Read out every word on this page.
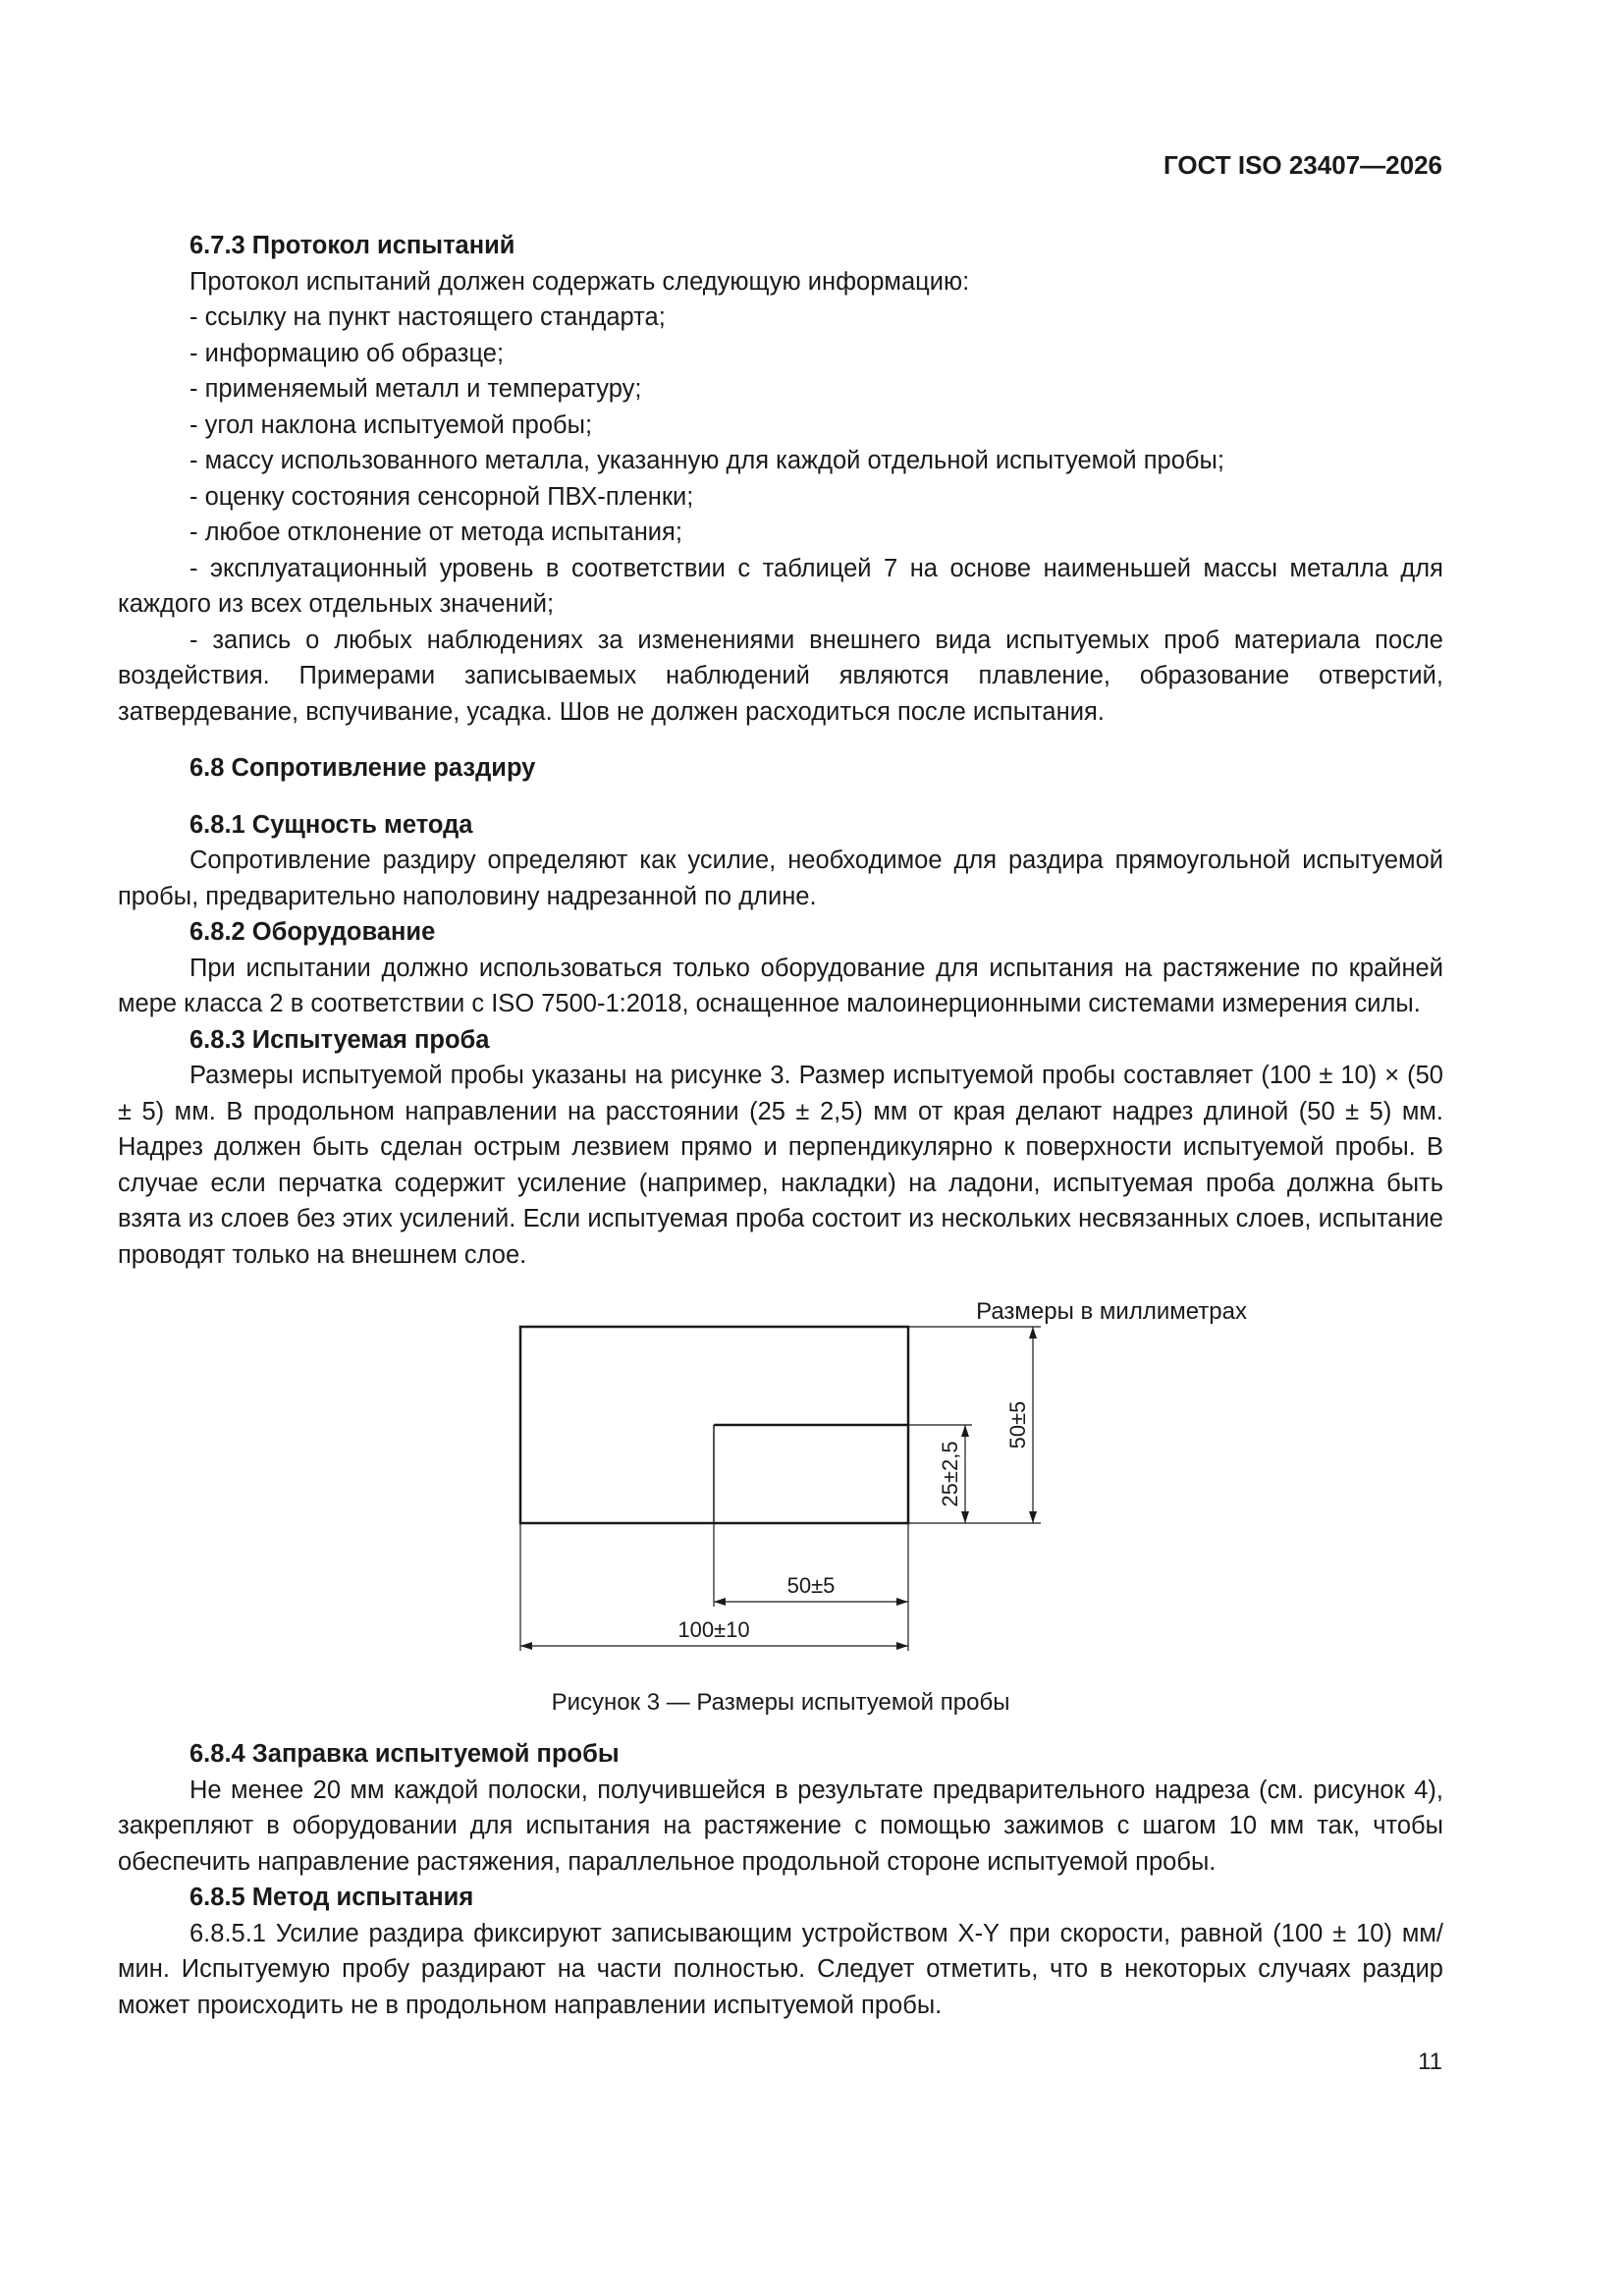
ГОСТ ISO 23407—2026

6.7.3 Протокол испытаний

Протокол испытаний должен содержать следующую информацию:

- ссылку на пункт настоящего стандарта;

- информацию об образце;

- применяемый металл и температуру;

- угол наклона испытуемой пробы;

- массу использованного металла, указанную для каждой отдельной испытуемой пробы;

- оценку состояния сенсорной ПВХ-пленки;

- любое отклонение от метода испытания;

- эксплуатационный уровень в соответствии с таблицей 7 на основе наименьшей массы металла для каждого из всех отдельных значений;

- запись о любых наблюдениях за изменениями внешнего вида испытуемых проб материала после воздействия. Примерами записываемых наблюдений являются плавление, образование отверстий, затвердевание, вспучивание, усадка. Шов не должен расходиться после испытания.

6.8 Сопротивление раздиру

6.8.1 Сущность метода

Сопротивление раздиру определяют как усилие, необходимое для раздира прямоугольной испытуемой пробы, предварительно наполовину надрезанной по длине.

6.8.2 Оборудование

При испытании должно использоваться только оборудование для испытания на растяжение по крайней мере класса 2 в соответствии с ISO 7500-1:2018, оснащенное малоинерционными системами измерения силы.

6.8.3 Испытуемая проба

Размеры испытуемой пробы указаны на рисунке 3. Размер испытуемой пробы составляет (100 ± 10) × (50 ± 5) мм. В продольном направлении на расстоянии (25 ± 2,5) мм от края делают надрез длиной (50 ± 5) мм. Надрез должен быть сделан острым лезвием прямо и перпендикулярно к поверхности испытуемой пробы. В случае если перчатка содержит усиление (например, накладки) на ладони, испытуемая проба должна быть взята из слоев без этих усилений. Если испытуемая проба состоит из нескольких несвязанных слоев, испытание проводят только на внешнем слое.

Размеры в миллиметрах
50±5
100±10
25±2,5
50±5
Рисунок 3 — Размеры испытуемой пробы

6.8.4 Заправка испытуемой пробы

Не менее 20 мм каждой полоски, получившейся в результате предварительного надреза (см. рисунок 4), закрепляют в оборудовании для испытания на растяжение с помощью зажимов с шагом 10 мм так, чтобы обеспечить направление растяжения, параллельное продольной стороне испытуемой пробы.

6.8.5 Метод испытания

6.8.5.1 Усилие раздира фиксируют записывающим устройством X-Y при скорости, равной (100 ± 10) мм/мин. Испытуемую пробу раздирают на части полностью. Следует отметить, что в некоторых случаях раздир может происходить не в продольном направлении испытуемой пробы.

11
